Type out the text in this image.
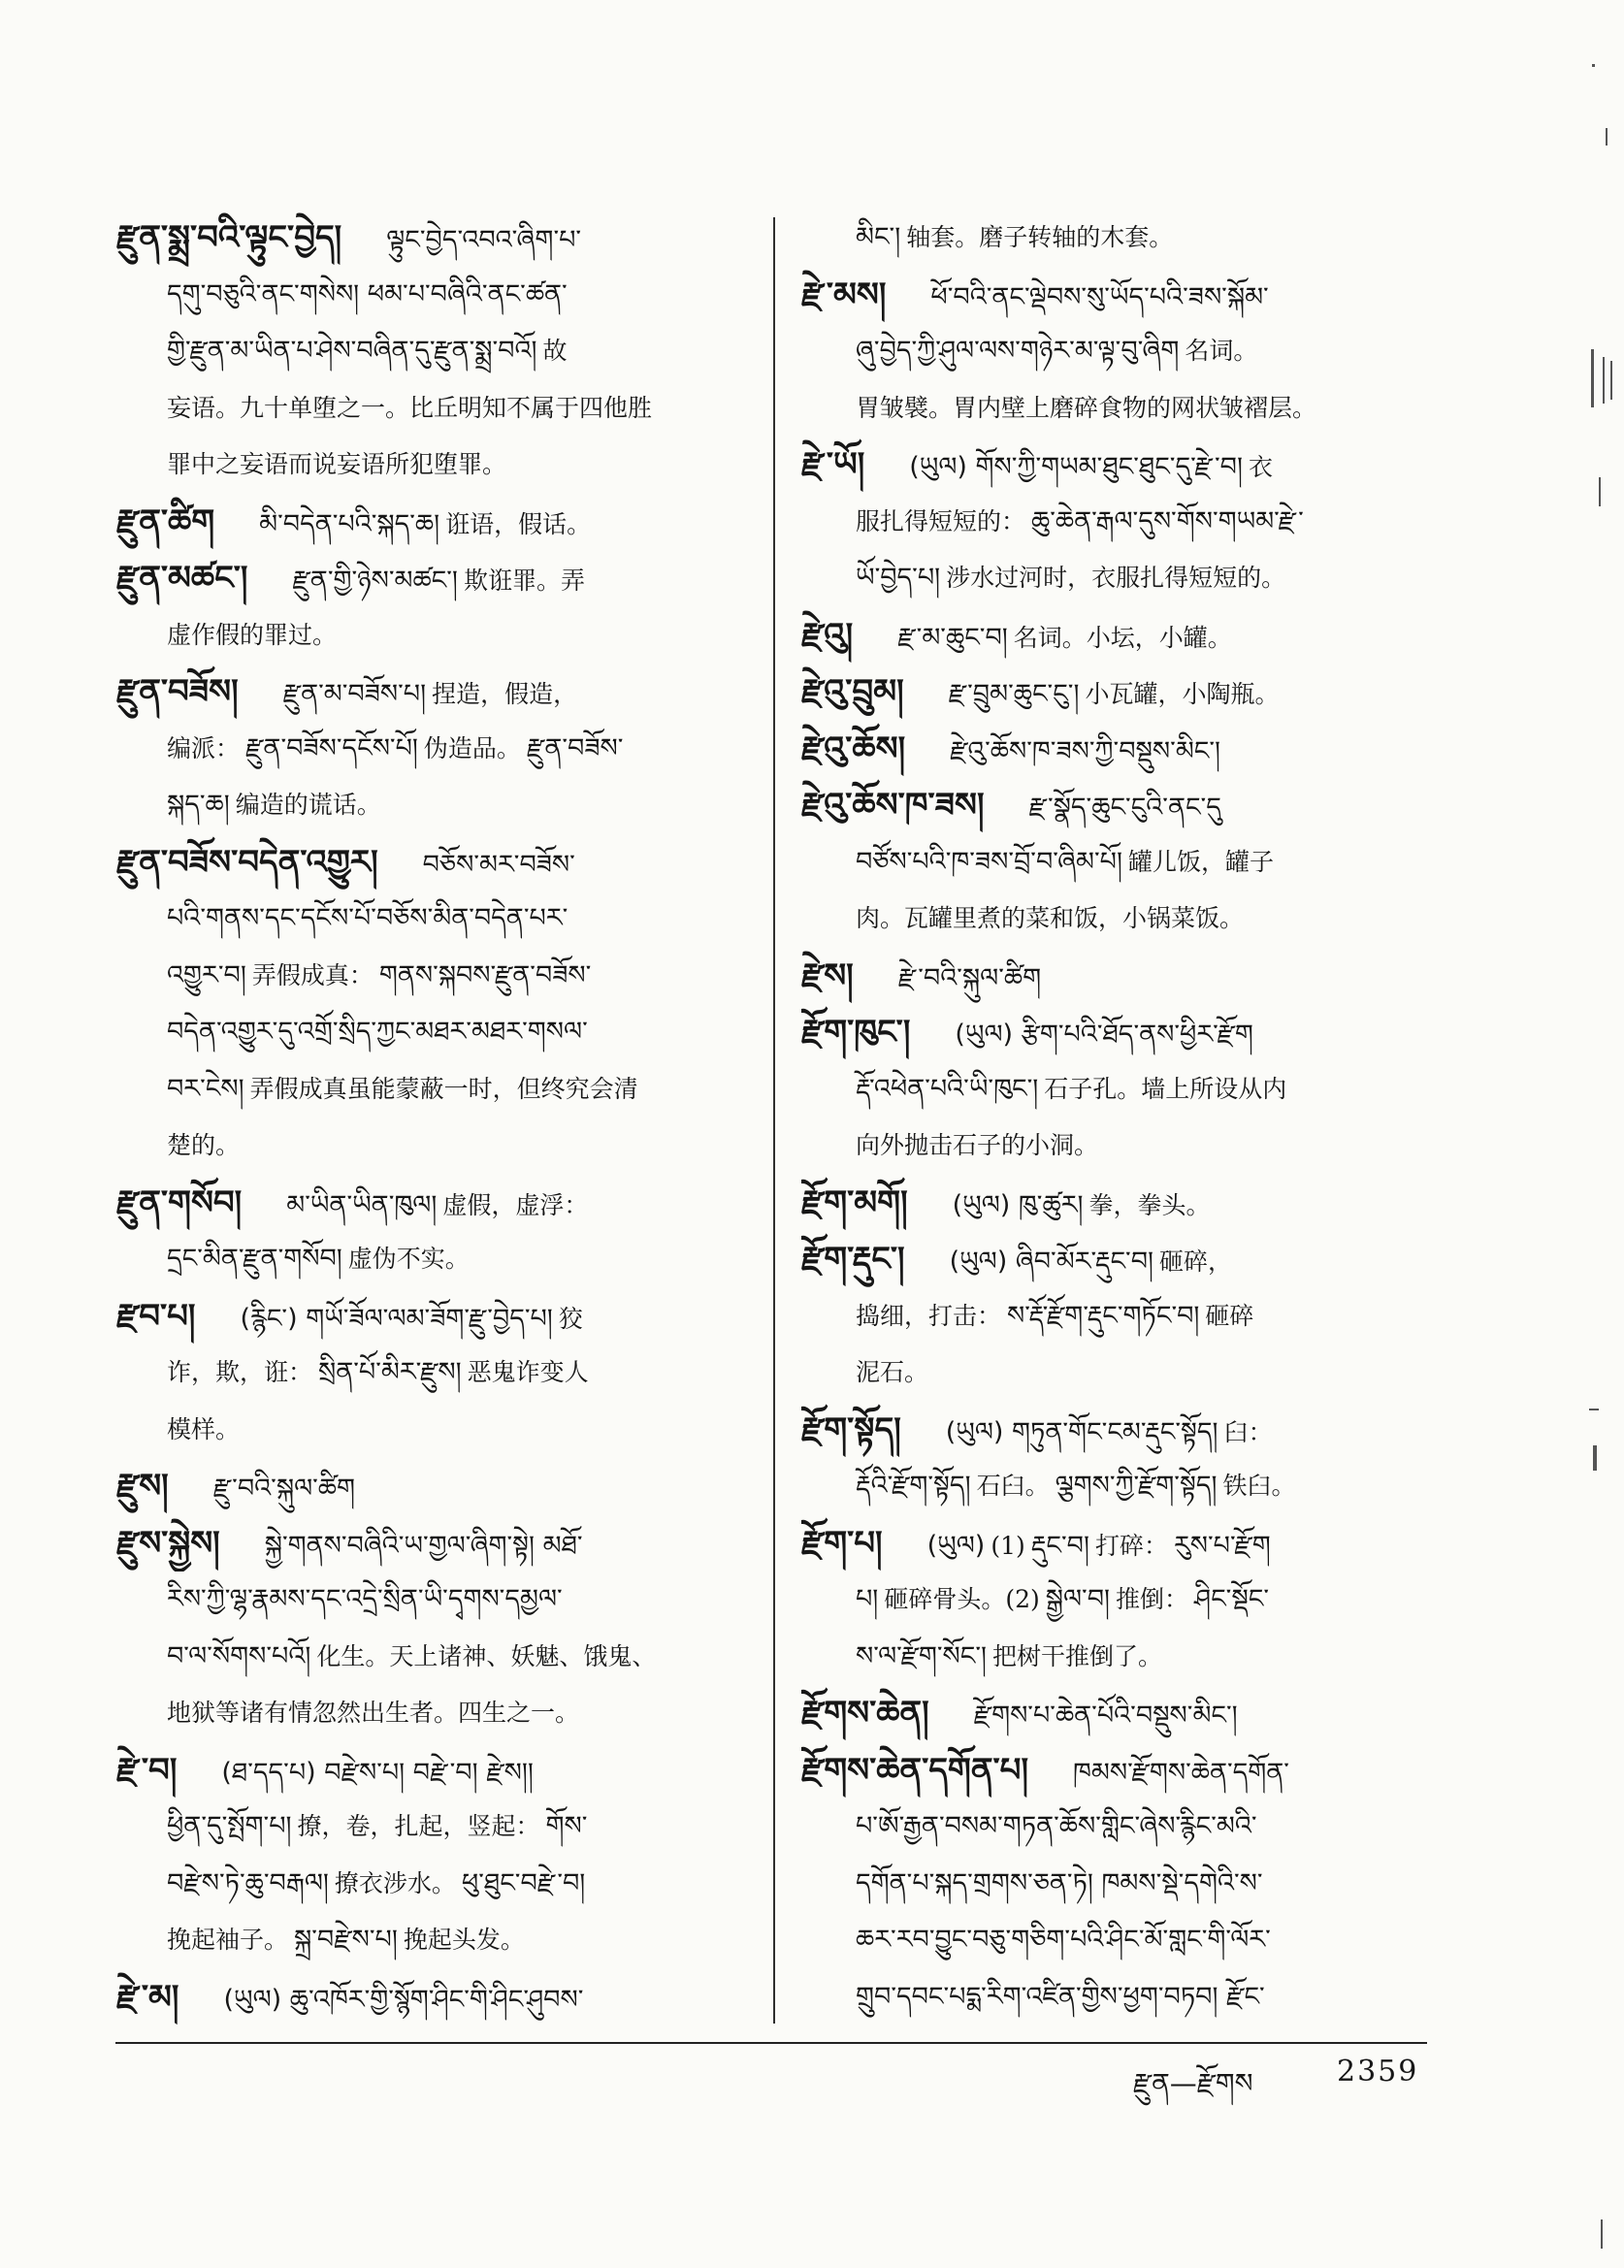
རྫུན་སྨྲ་བའི་ལྟུང་བྱེད། ལྟུང་བྱེད་འབའ་ཞིག་པ་
དགུ་བཅུའི་ནང་གསེས། ཕམ་པ་བཞིའི་ནང་ཚན་
གྱི་རྫུན་མ་ཡིན་པ་ཤེས་བཞིན་དུ་རྫུན་སྨྲ་བའོ། 故
妄语。九十单堕之一。比丘明知不属于四他胜
罪中之妄语而说妄语所犯堕罪。
རྫུན་ཚིག མི་བདེན་པའི་སྐད་ཆ། 诳语，假话。
རྫུན་མཚང་། རྫུན་གྱི་ཉེས་མཚང་། 欺诳罪。弄
虚作假的罪过。
རྫུན་བཟོས། རྫུན་མ་བཟོས་པ། 捏造，假造，
编派： རྫུན་བཟོས་དངོས་པོ། 伪造品。 རྫུན་བཟོས་
སྐད་ཆ། 编造的谎话。
རྫུན་བཟོས་བདེན་འགྱུར། བཅོས་མར་བཟོས་
པའི་གནས་དང་དངོས་པོ་བཅོས་མིན་བདེན་པར་
འགྱུར་བ། 弄假成真： གནས་སྐབས་རྫུན་བཟོས་
བདེན་འགྱུར་དུ་འགྲོ་སྲིད་ཀྱང་མཐར་མཐར་གསལ་
བར་ངེས། 弄假成真虽能蒙蔽一时，但终究会清
楚的。
རྫུན་གསོབ། མ་ཡིན་ཡིན་ཁུལ། 虚假，虚浮：
དྲང་མིན་རྫུན་གསོབ། 虚伪不实。
རྫབ་པ། (རྙིང་) གཡོ་ཟོལ་ལམ་ཟོག་རྫུ་བྱེད་པ། 狡
诈，欺，诳： སྲིན་པོ་མིར་རྫུས། 恶鬼诈变人
模样。
རྫུས། རྫུ་བའི་སྐུལ་ཚིག
རྫུས་སྐྱེས། སྐྱེ་གནས་བཞིའི་ཡ་གྱལ་ཞིག་སྟེ། མཐོ་
རིས་ཀྱི་ལྷ་རྣམས་དང་འདྲེ་སྲིན་ཡི་དྭགས་དམྱལ་
བ་ལ་སོགས་པའོ། 化生。天上诸神、妖魅、饿鬼、
地狱等诸有情忽然出生者。四生之一。
རྫེ་བ། (ཐ་དད་པ) བརྫེས་པ། བརྫེ་བ། རྫེས།།
ཕྱིན་དུ་སྤོག་པ། 撩，卷，扎起，竖起： གོས་
བརྫེས་ཏེ་ཆུ་བརྒལ། 撩衣涉水。 ཕུ་ཐུང་བརྫེ་བ།
挽起袖子。 སྐྲ་བརྫེས་པ། 挽起头发。
རྫེ་མ། (ཡུལ) ཆུ་འཁོར་གྱི་སྙོག་ཤིང་གི་ཤིང་ཤུབས་
མིང་། 轴套。磨子转轴的木套。
རྫེ་མས། ཕོ་བའི་ནང་ལྡེབས་སུ་ཡོད་པའི་ཟས་སྐོམ་
ཞུ་བྱེད་ཀྱི་ཤུལ་ལས་གཉེར་མ་ལྟ་བུ་ཞིག 名词。
胃皱襞。胃内壁上磨碎食物的网状皱褶层。
རྫེ་ཡོ། (ཡུལ) གོས་ཀྱི་གཡམ་ཐུང་ཐུང་དུ་རྫེ་བ། 衣
服扎得短短的： ཆུ་ཆེན་རྒལ་དུས་གོས་གཡམ་རྫེ་
ཡོ་བྱེད་པ། 涉水过河时，衣服扎得短短的。
རྫེའུ། རྫ་མ་ཆུང་བ། 名词。小坛，小罐。
རྫེའུ་བྲུམ། རྫ་བྲུམ་ཆུང་ངུ་། 小瓦罐，小陶瓶。
རྫེའུ་ཆོས། རྫེའུ་ཆོས་ཁ་ཟས་ཀྱི་བསྡུས་མིང་།
རྫེའུ་ཆོས་ཁ་ཟས། རྫ་སྣོད་ཆུང་ངུའི་ནང་དུ
བཙོས་པའི་ཁ་ཟས་བྲོ་བ་ཞིམ་པོ། 罐儿饭，罐子
肉。瓦罐里煮的菜和饭，小锅菜饭。
རྫེས། རྫེ་བའི་སྐུལ་ཚིག
རྫོག་ཁུང་། (ཡུལ) རྩིག་པའི་ཐོད་ནས་ཕྱིར་རྫོག
རྡོ་འཕེན་པའི་ཡི་ཁུང་། 石子孔。墙上所设从内
向外抛击石子的小洞。
རྫོག་མགོ། (ཡུལ) ཁུ་ཚུར། 拳，拳头。
རྫོག་རྡུང་། (ཡུལ) ཞིབ་མོར་རྡུང་བ། 砸碎，
捣细，打击： ས་རྡོ་རྫོག་རྡུང་གཏོང་བ། 砸碎
泥石。
རྫོག་སྟོད། (ཡུལ) གཏུན་གོང་ངམ་རྡུང་སྟོད། 臼：
རྡོའི་རྫོག་སྟོད། 石臼。 ལྕགས་ཀྱི་རྫོག་སྟོད། 铁臼。
རྫོག་པ། (ཡུལ) (1) རྡུང་བ། 打碎： རུས་པ་རྫོག
པ། 砸碎骨头。(2) སྒྱེལ་བ། 推倒： ཤིང་སྡོང་
ས་ལ་རྫོག་སོང་། 把树干推倒了。
རྫོགས་ཆེན། རྫོགས་པ་ཆེན་པོའི་བསྡུས་མིང་།
རྫོགས་ཆེན་དགོན་པ། ཁམས་རྫོགས་ཆེན་དགོན་
པ་ཨོ་རྒྱན་བསམ་གཏན་ཆོས་གླིང་ཞེས་རྙིང་མའི་
དགོན་པ་སྐད་གྲགས་ཅན་ཏེ། ཁམས་སྡེ་དགེའི་ས་
ཆར་རབ་བྱུང་བཅུ་གཅིག་པའི་ཤིང་མོ་གླང་གི་ལོར་
གྲུབ་དབང་པདྨ་རིག་འཛིན་གྱིས་ཕྱག་བཏབ། རྫོང་
རྫུན—རྫོགས	2359
